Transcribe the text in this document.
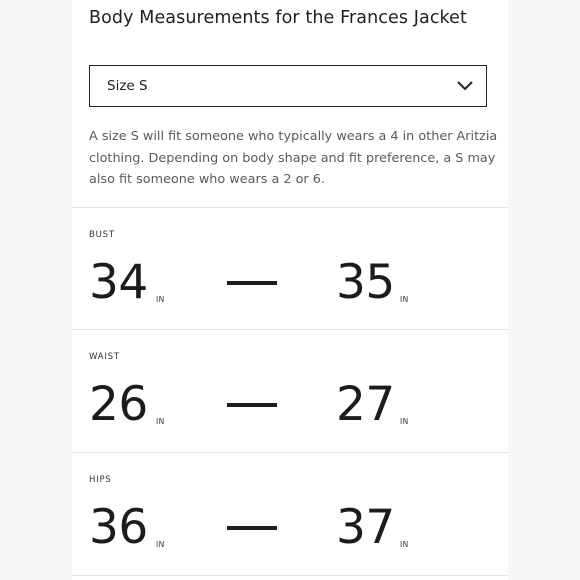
Body Measurements for the Frances Jacket
Size S
A size S will fit someone who typically wears a 4 in other Aritzia clothing. Depending on body shape and fit preference, a S may also fit someone who wears a 2 or 6.
BUST
34 IN	35 IN
WAIST
26 IN	27 IN
HIPS
36 IN	37 IN
